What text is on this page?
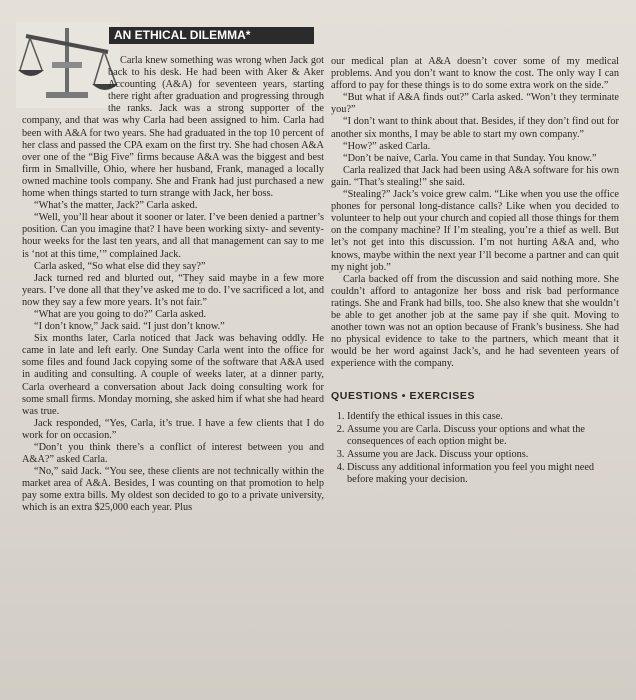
AN ETHICAL DILEMMA*

Carla knew something was wrong when Jack got back to his desk. He had been with Aker & Aker Accounting (A&A) for seventeen years, starting there right after graduation and progressing through the ranks. Jack was a strong supporter of the company, and that was why Carla had been assigned to him. Carla had been with A&A for two years. She had graduated in the top 10 percent of her class and passed the CPA exam on the first try. She had chosen A&A over one of the “Big Five” firms because A&A was the biggest and best firm in Smallville, Ohio, where her husband, Frank, managed a locally owned machine tools company. She and Frank had just purchased a new home when things started to turn strange with Jack, her boss.

“What’s the matter, Jack?” Carla asked.

“Well, you’ll hear about it sooner or later. I’ve been denied a partner’s position. Can you imagine that? I have been working sixty- and seventy-hour weeks for the last ten years, and all that management can say to me is ‘not at this time,’” complained Jack.

Carla asked, “So what else did they say?”

Jack turned red and blurted out, “They said maybe in a few more years. I’ve done all that they’ve asked me to do. I’ve sacrificed a lot, and now they say a few more years. It’s not fair.”

“What are you going to do?” Carla asked.

“I don’t know,” Jack said. “I just don’t know.”

Six months later, Carla noticed that Jack was behaving oddly. He came in late and left early. One Sunday Carla went into the office for some files and found Jack copying some of the software that A&A used in auditing and consulting. A couple of weeks later, at a dinner party, Carla overheard a conversation about Jack doing consulting work for some small firms. Monday morning, she asked him if what she had heard was true.

Jack responded, “Yes, Carla, it’s true. I have a few clients that I do work for on occasion.”

“Don’t you think there’s a conflict of interest between you and A&A?” asked Carla.

“No,” said Jack. “You see, these clients are not technically within the market area of A&A. Besides, I was counting on that promotion to help pay some extra bills. My oldest son decided to go to a private university, which is an extra $25,000 each year. Plus

our medical plan at A&A doesn’t cover some of my medical problems. And you don’t want to know the cost. The only way I can afford to pay for these things is to do some extra work on the side.”

“But what if A&A finds out?” Carla asked. “Won’t they terminate you?”

“I don’t want to think about that. Besides, if they don’t find out for another six months, I may be able to start my own company.”

“How?” asked Carla.

“Don’t be naive, Carla. You came in that Sunday. You know.”

Carla realized that Jack had been using A&A software for his own gain. “That’s stealing!” she said.

“Stealing?” Jack’s voice grew calm. “Like when you use the office phones for personal long-distance calls? Like when you decided to volunteer to help out your church and copied all those things for them on the company machine? If I’m stealing, you’re a thief as well. But let’s not get into this discussion. I’m not hurting A&A and, who knows, maybe within the next year I’ll become a partner and can quit my night job.”

Carla backed off from the discussion and said nothing more. She couldn’t afford to antagonize her boss and risk bad performance ratings. She and Frank had bills, too. She also knew that she wouldn’t be able to get another job at the same pay if she quit. Moving to another town was not an option because of Frank’s business. She had no physical evidence to take to the partners, which meant that it would be her word against Jack’s, and he had seventeen years of experience with the company.

QUESTIONS • EXERCISES

1. Identify the ethical issues in this case.
2. Assume you are Carla. Discuss your options and what the consequences of each option might be.
3. Assume you are Jack. Discuss your options.
4. Discuss any additional information you feel you might need before making your decision.
